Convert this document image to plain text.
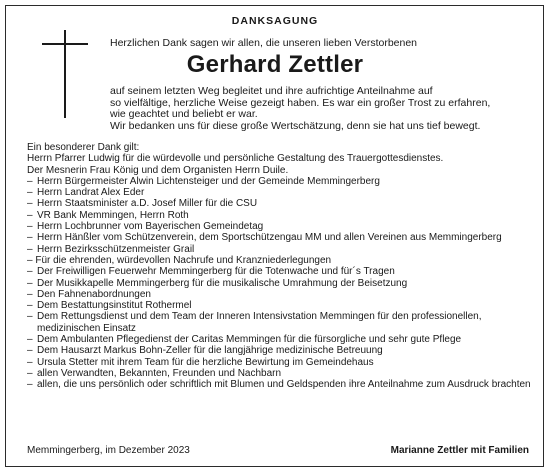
DANKSAGUNG
Herzlichen Dank sagen wir allen, die unseren lieben Verstorbenen
Gerhard Zettler
auf seinem letzten Weg begleitet und ihre aufrichtige Anteilnahme auf
so vielfältige, herzliche Weise gezeigt haben. Es war ein großer Trost zu erfahren,
wie geachtet und beliebt er war.
Wir bedanken uns für diese große Wertschätzung, denn sie hat uns tief bewegt.
Ein besonderer Dank gilt:
Herrn Pfarrer Ludwig für die würdevolle und persönliche Gestaltung des Trauergottesdienstes.
Der Mesnerin Frau König und dem Organisten Herrn Duile.
– Herrn Bürgermeister Alwin Lichtensteiger und der Gemeinde Memmingerberg
– Herrn Landrat Alex Eder
– Herrn Staatsminister a.D. Josef Miller für die CSU
– VR Bank Memmingen, Herrn Roth
– Herrn Lochbrunner vom Bayerischen Gemeindetag
– Herrn Hänßler vom Schützenverein, dem Sportschützengau MM und allen Vereinen aus Memmingerberg
– Herrn Bezirksschützenmeister Grail
– Für die ehrenden, würdevollen Nachrufe und Kranzniederlegungen
– Der Freiwilligen Feuerwehr Memmingerberg für die Totenwache und für´s Tragen
– Der Musikkapelle Memmingerberg für die musikalische Umrahmung der Beisetzung
– Den Fahnenabordnungen
– Dem Bestattungsinstitut Rothermel
– Dem Rettungsdienst und dem Team der Inneren Intensivstation Memmingen für den professionellen, medizinischen Einsatz
– Dem Ambulanten Pflegedienst der Caritas Memmingen für die fürsorgliche und sehr gute Pflege
– Dem Hausarzt Markus Bohn-Zeller für die langjährige medizinische Betreuung
– Ursula Stetter mit ihrem Team für die herzliche Bewirtung im Gemeindehaus
– allen Verwandten, Bekannten, Freunden und Nachbarn
– allen, die uns persönlich oder schriftlich mit Blumen und Geldspenden ihre Anteilnahme zum Ausdruck brachten
Memmingerberg, im Dezember 2023	Marianne Zettler mit Familien
